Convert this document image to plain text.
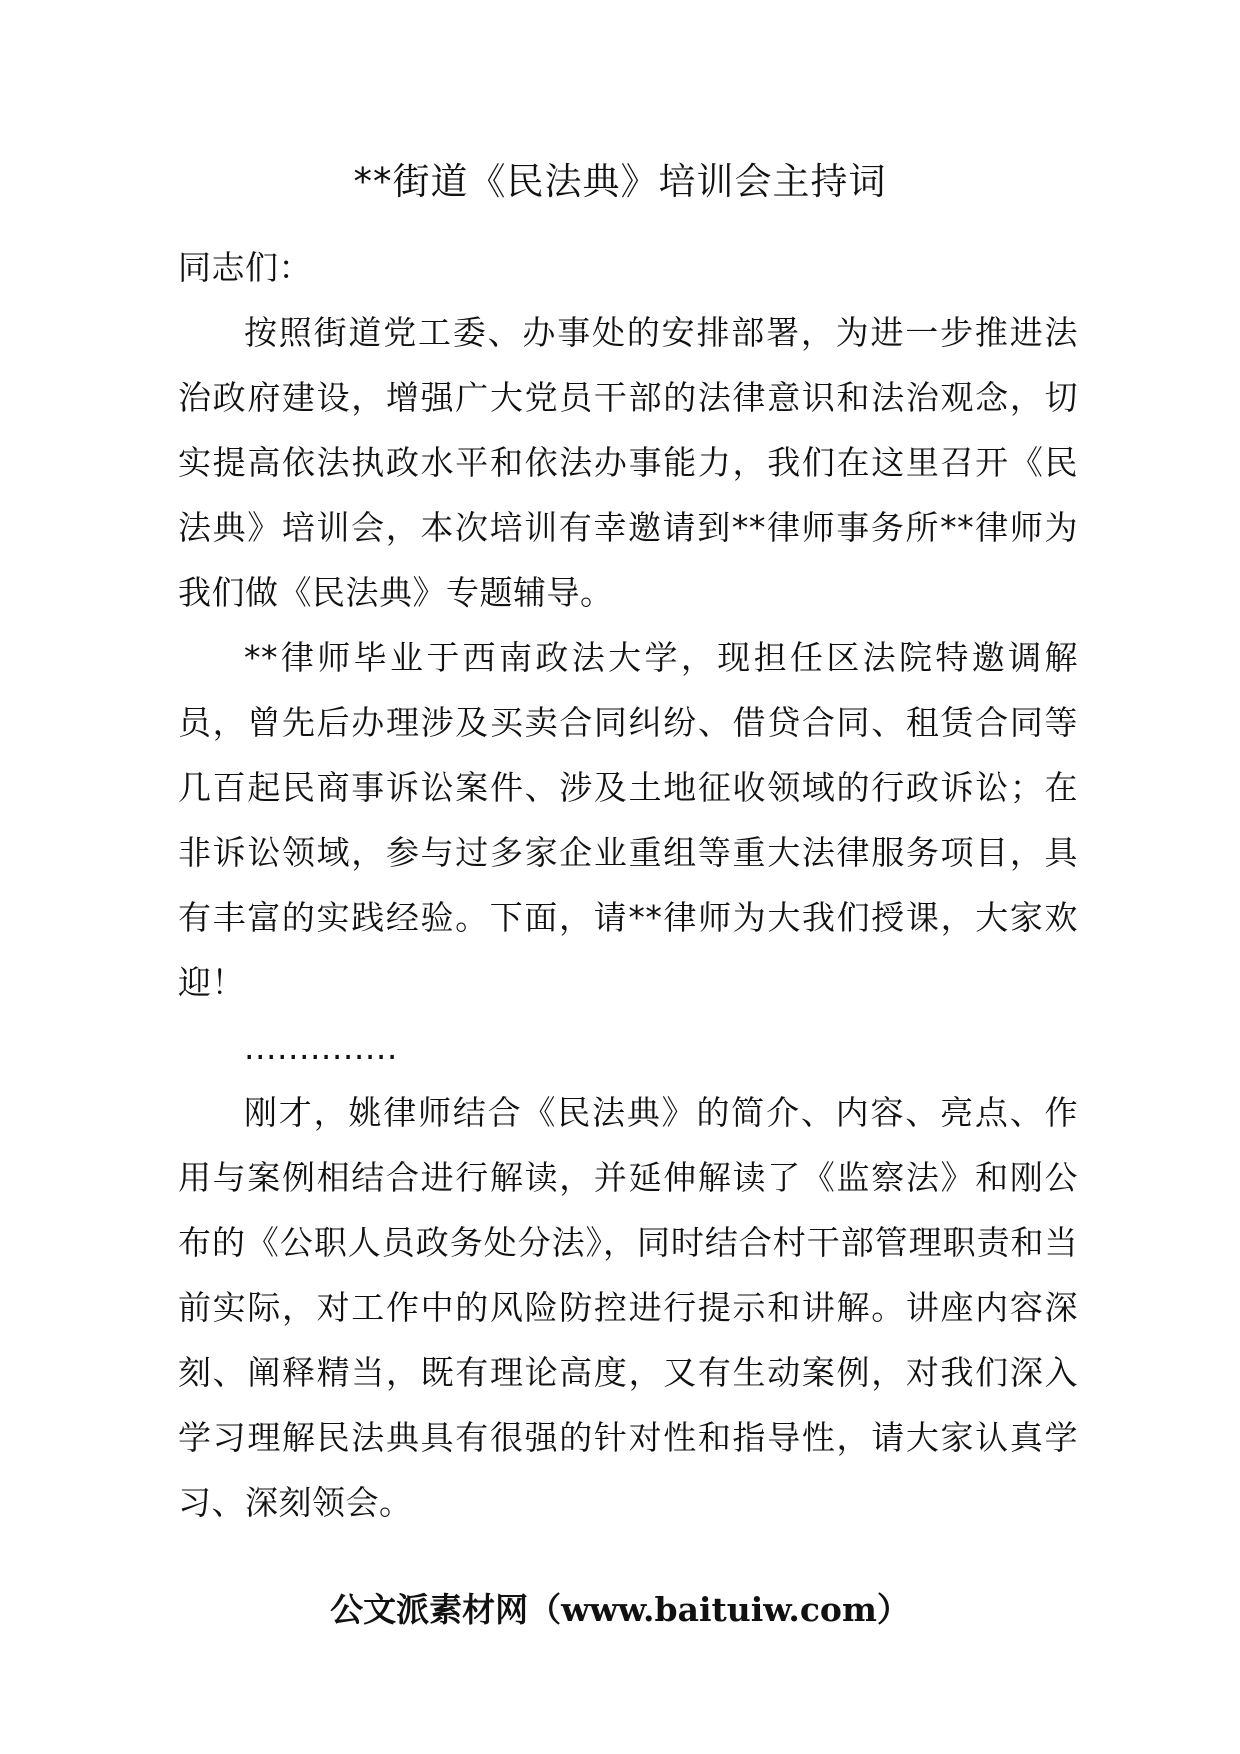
**街道《民法典》培训会主持词

同志们：

按照街道党工委、办事处的安排部署，为进一步推进法治政府建设，增强广大党员干部的法律意识和法治观念，切实提高依法执政水平和依法办事能力，我们在这里召开《民法典》培训会，本次培训有幸邀请到**律师事务所**律师为我们做《民法典》专题辅导。

**律师毕业于西南政法大学，现担任区法院特邀调解员，曾先后办理涉及买卖合同纠纷、借贷合同、租赁合同等几百起民商事诉讼案件、涉及土地征收领域的行政诉讼；在非诉讼领域，参与过多家企业重组等重大法律服务项目，具有丰富的实践经验。下面，请**律师为大我们授课，大家欢迎！

..............

刚才，姚律师结合《民法典》的简介、内容、亮点、作用与案例相结合进行解读，并延伸解读了《监察法》和刚公布的《公职人员政务处分法》，同时结合村干部管理职责和当前实际，对工作中的风险防控进行提示和讲解。讲座内容深刻、阐释精当，既有理论高度，又有生动案例，对我们深入学习理解民法典具有很强的针对性和指导性，请大家认真学习、深刻领会。

公文派素材网（www.baituiw.com）
